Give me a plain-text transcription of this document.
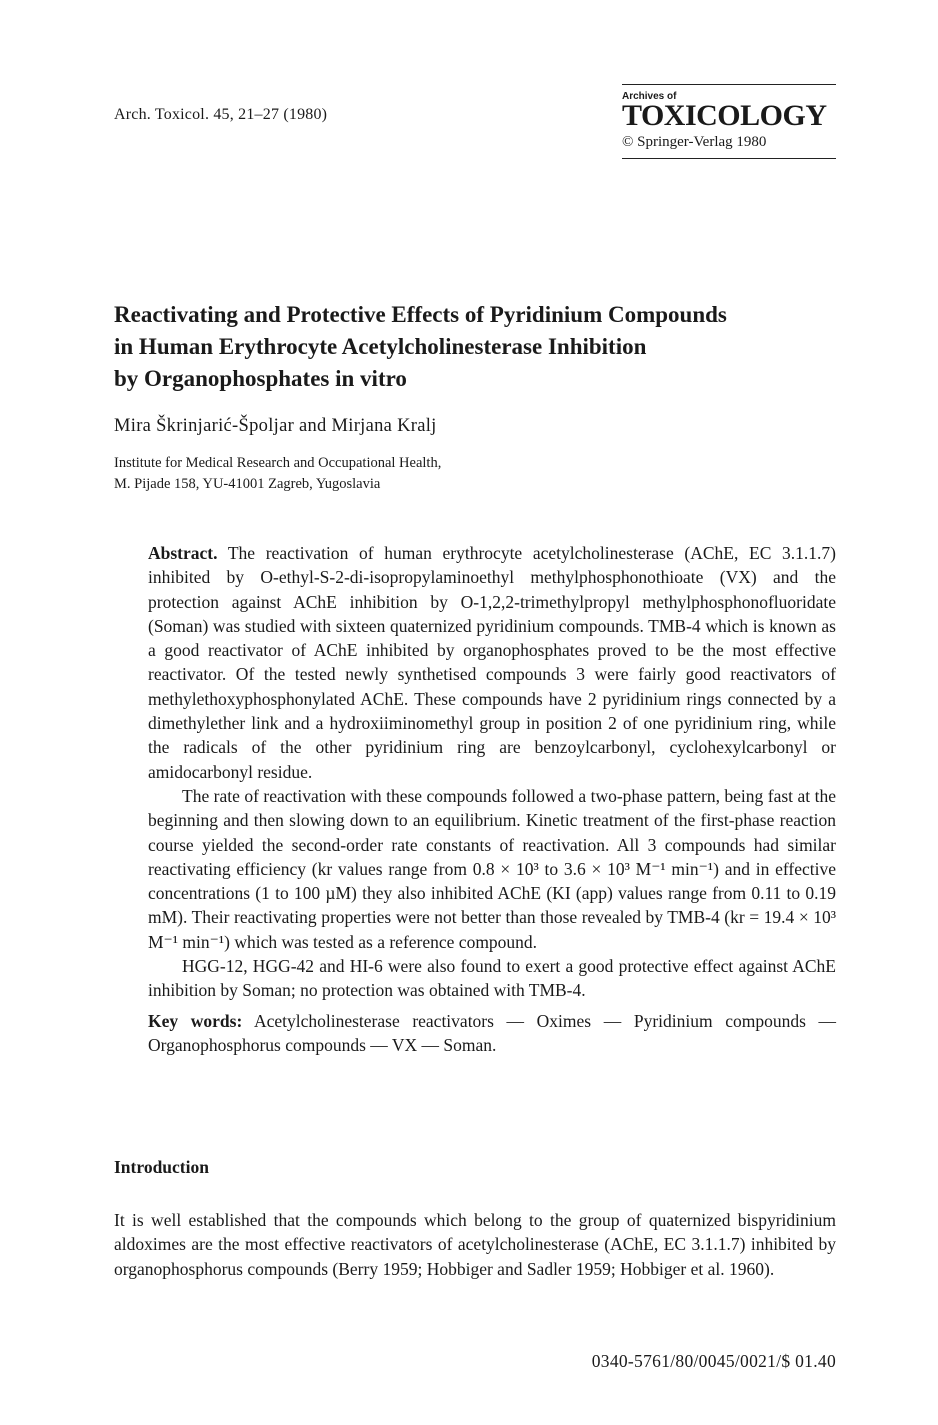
Arch. Toxicol. 45, 21–27 (1980)
Archives of
TOXICOLOGY
© Springer-Verlag 1980
Reactivating and Protective Effects of Pyridinium Compounds
in Human Erythrocyte Acetylcholinesterase Inhibition
by Organophosphates in vitro
Mira Škrinjarić-Špoljar and Mirjana Kralj
Institute for Medical Research and Occupational Health,
M. Pijade 158, YU-41001 Zagreb, Yugoslavia

Abstract. The reactivation of human erythrocyte acetylcholinesterase (AChE, EC 3.1.1.7) inhibited by O-ethyl-S-2-di-isopropylaminoethyl methylphosphonothioate (VX) and the protection against AChE inhibition by O-1,2,2-trimethylpropyl methylphosphonofluoridate (Soman) was studied with sixteen quaternized pyridinium compounds. TMB-4 which is known as a good reactivator of AChE inhibited by organophosphates proved to be the most effective reactivator. Of the tested newly synthetised compounds 3 were fairly good reactivators of methylethoxyphosphonylated AChE. These compounds have 2 pyridinium rings connected by a dimethylether link and a hydroxiiminomethyl group in position 2 of one pyridinium ring, while the radicals of the other pyridinium ring are benzoylcarbonyl, cyclohexylcarbonyl or amidocarbonyl residue.

The rate of reactivation with these compounds followed a two-phase pattern, being fast at the beginning and then slowing down to an equilibrium. Kinetic treatment of the first-phase reaction course yielded the second-order rate constants of reactivation. All 3 compounds had similar reactivating efficiency (kr values range from 0.8 × 10³ to 3.6 × 10³ M⁻¹ min⁻¹) and in effective concentrations (1 to 100 µM) they also inhibited AChE (KI (app) values range from 0.11 to 0.19 mM). Their reactivating properties were not better than those revealed by TMB-4 (kr = 19.4 × 10³ M⁻¹ min⁻¹) which was tested as a reference compound.

HGG-12, HGG-42 and HI-6 were also found to exert a good protective effect against AChE inhibition by Soman; no protection was obtained with TMB-4.

Key words: Acetylcholinesterase reactivators — Oximes — Pyridinium compounds — Organophosphorus compounds — VX — Soman.

Introduction

It is well established that the compounds which belong to the group of quaternized bispyridinium aldoximes are the most effective reactivators of acetylcholinesterase (AChE, EC 3.1.1.7) inhibited by organophosphorus compounds (Berry 1959; Hobbiger and Sadler 1959; Hobbiger et al. 1960).

0340-5761/80/0045/0021/$ 01.40
